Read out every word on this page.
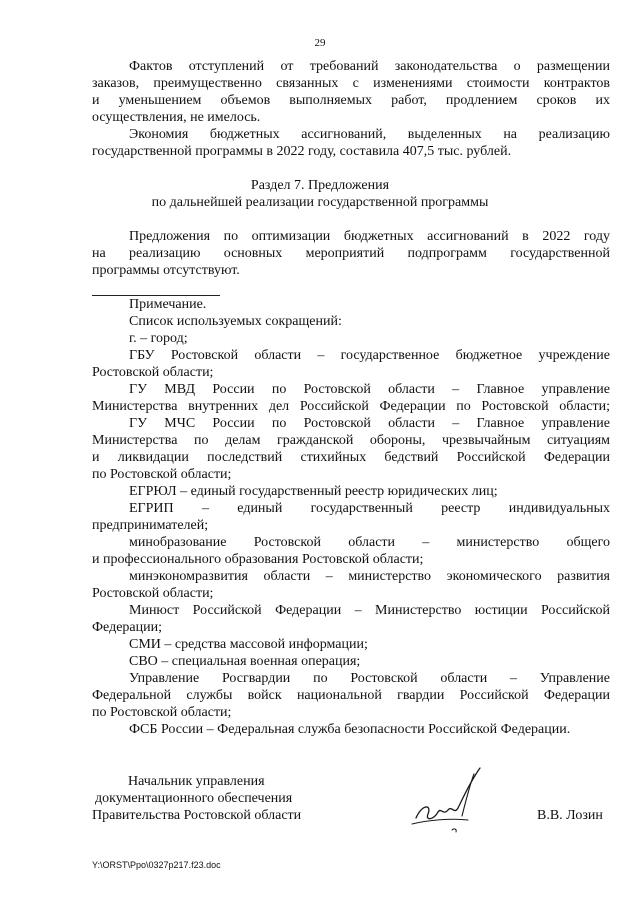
29
Фактов отступлений от требований законодательства о размещении
заказов, преимущественно связанных с изменениями стоимости контрактов
и уменьшением объемов выполняемых работ, продлением сроков их
осуществления, не имелось.
Экономия бюджетных ассигнований, выделенных на реализацию
государственной программы в 2022 году, составила 407,5 тыс. рублей.
Раздел 7. Предложения
по дальнейшей реализации государственной программы
Предложения по оптимизации бюджетных ассигнований в 2022 году
на реализацию основных мероприятий подпрограмм государственной
программы отсутствуют.
Примечание.
Список используемых сокращений:
г. – город;
ГБУ Ростовской области – государственное бюджетное учреждение
Ростовской области;
ГУ МВД России по Ростовской области – Главное управление
Министерства внутренних дел Российской Федерации по Ростовской области;
ГУ МЧС России по Ростовской области – Главное управление
Министерства по делам гражданской обороны, чрезвычайным ситуациям
и ликвидации последствий стихийных бедствий Российской Федерации
по Ростовской области;
ЕГРЮЛ – единый государственный реестр юридических лиц;
ЕГРИП – единый государственный реестр индивидуальных
предпринимателей;
минобразование Ростовской области – министерство общего
и профессионального образования Ростовской области;
минэкономразвития области – министерство экономического развития
Ростовской области;
Минюст Российской Федерации – Министерство юстиции Российской
Федерации;
СМИ – средства массовой информации;
СВО – специальная военная операция;
Управление Росгвардии по Ростовской области – Управление
Федеральной службы войск национальной гвардии Российской Федерации
по Ростовской области;
ФСБ России – Федеральная служба безопасности Российской Федерации.
Начальник управления
документационного обеспечения
Правительства Ростовской области	В.В. Лозин
Y:\ORST\Ppo\0327p217.f23.doc
